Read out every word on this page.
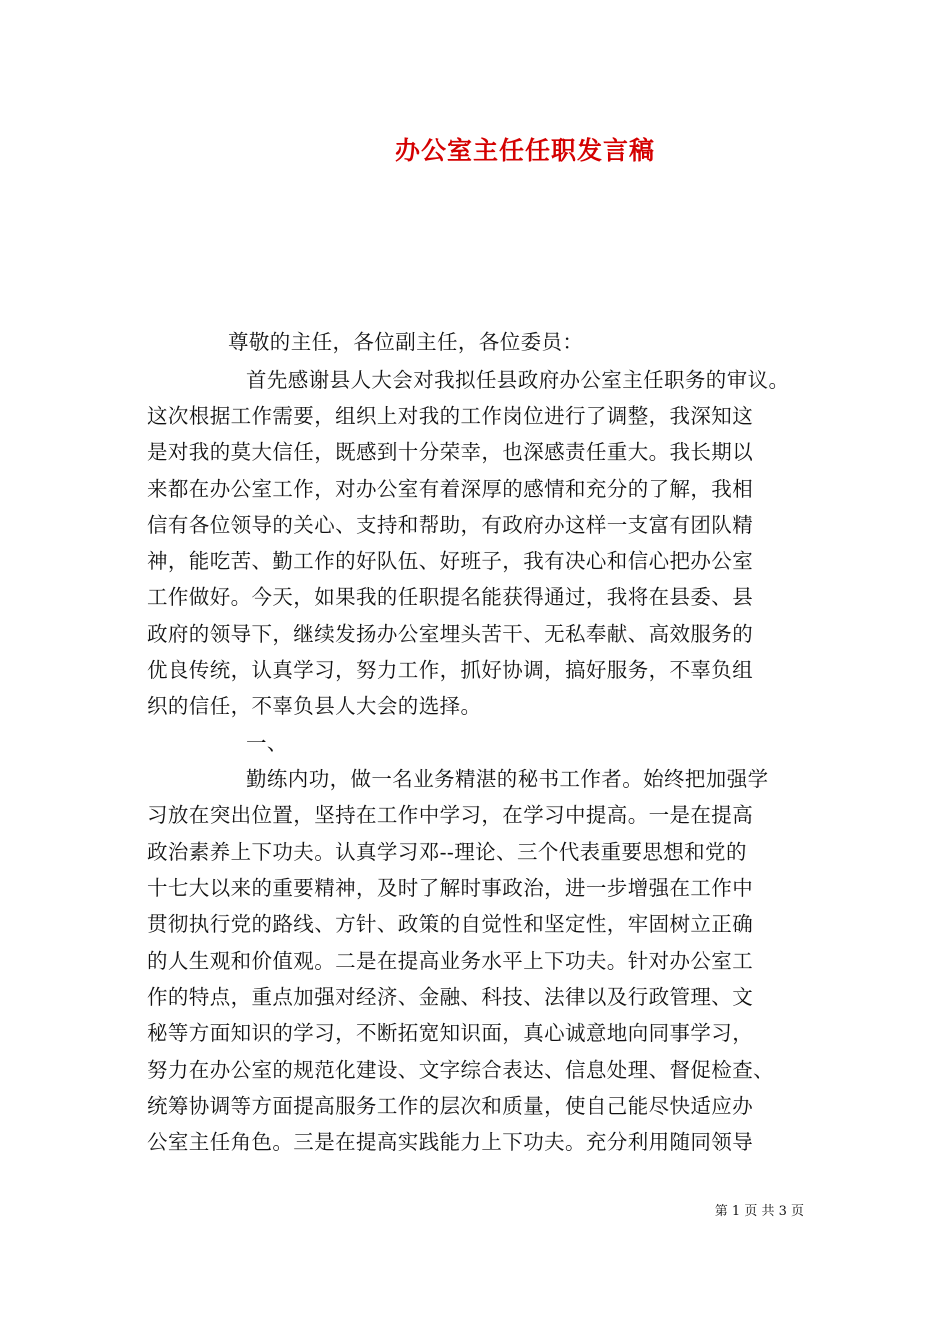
办公室主任任职发言稿
尊敬的主任，各位副主任，各位委员：
首先感谢县人大会对我拟任县政府办公室主任职务的审议。
这次根据工作需要，组织上对我的工作岗位进行了调整，我深知这
是对我的莫大信任，既感到十分荣幸，也深感责任重大。我长期以
来都在办公室工作，对办公室有着深厚的感情和充分的了解，我相
信有各位领导的关心、支持和帮助，有政府办这样一支富有团队精
神，能吃苦、勤工作的好队伍、好班子，我有决心和信心把办公室
工作做好。今天，如果我的任职提名能获得通过，我将在县委、县
政府的领导下，继续发扬办公室埋头苦干、无私奉献、高效服务的
优良传统，认真学习，努力工作，抓好协调，搞好服务，不辜负组
织的信任，不辜负县人大会的选择。
一、
勤练内功，做一名业务精湛的秘书工作者。始终把加强学
习放在突出位置，坚持在工作中学习，在学习中提高。一是在提高
政治素养上下功夫。认真学习邓--理论、三个代表重要思想和党的
十七大以来的重要精神，及时了解时事政治，进一步增强在工作中
贯彻执行党的路线、方针、政策的自觉性和坚定性，牢固树立正确
的人生观和价值观。二是在提高业务水平上下功夫。针对办公室工
作的特点，重点加强对经济、金融、科技、法律以及行政管理、文
秘等方面知识的学习，不断拓宽知识面，真心诚意地向同事学习，
努力在办公室的规范化建设、文字综合表达、信息处理、督促检查、
统筹协调等方面提高服务工作的层次和质量，使自己能尽快适应办
公室主任角色。三是在提高实践能力上下功夫。充分利用随同领导
第 1 页 共 3 页
